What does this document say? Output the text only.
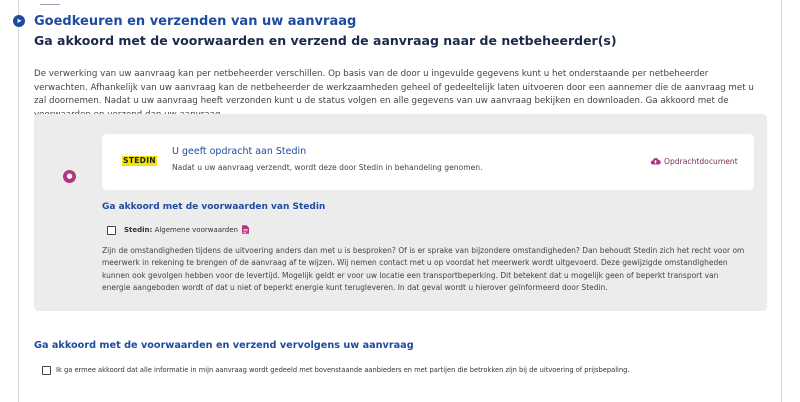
➤ Goedkeuren en verzenden van uw aanvraag
Ga akkoord met de voorwaarden en verzend de aanvraag naar de netbeheerder(s)

De verwerking van uw aanvraag kan per netbeheerder verschillen. Op basis van de door u ingevulde gegevens kunt u het onderstaande per netbeheerder verwachten. Afhankelijk van uw aanvraag kan de netbeheerder de werkzaamheden geheel of gedeeltelijk laten uitvoeren door een aannemer die de aanvraag met u zal doornemen. Nadat u uw aanvraag heeft verzonden kunt u de status volgen en alle gegevens van uw aanvraag bekijken en downloaden. Ga akkoord met de

●
STEDIN

U geeft opdracht aan Stedin

Nadat u uw aanvraag verzendt, wordt deze door Stedin in behandeling genomen.

Opdrachtdocument
Ga akkoord met de voorwaarden van Stedin
Stedin: Algemene voorwaarden

Zijn de omstandigheden tijdens de uitvoering anders dan met u is besproken? Of is er sprake van bijzondere omstandigheden? Dan behoudt Stedin zich het recht voor om meerwerk in rekening te brengen of de aanvraag af te wijzen. Wij nemen contact met u op voordat het meerwerk wordt uitgevoerd. Deze gewijzigde omstandigheden kunnen ook gevolgen hebben voor de levertijd. Mogelijk geldt er voor uw locatie een transportbeperking. Dit betekent dat u mogelijk geen of beperkt transport van energie aangeboden wordt of dat u niet of beperkt energie kunt terugleveren. In dat geval wordt u hierover geïnformeerd door Stedin.

Ga akkoord met de voorwaarden en verzend vervolgens uw aanvraag
Ik ga ermee akkoord dat alle informatie in mijn aanvraag wordt gedeeld met bovenstaande aanbieders en met partijen die betrokken zijn bij de uitvoering of prijsbepaling.
